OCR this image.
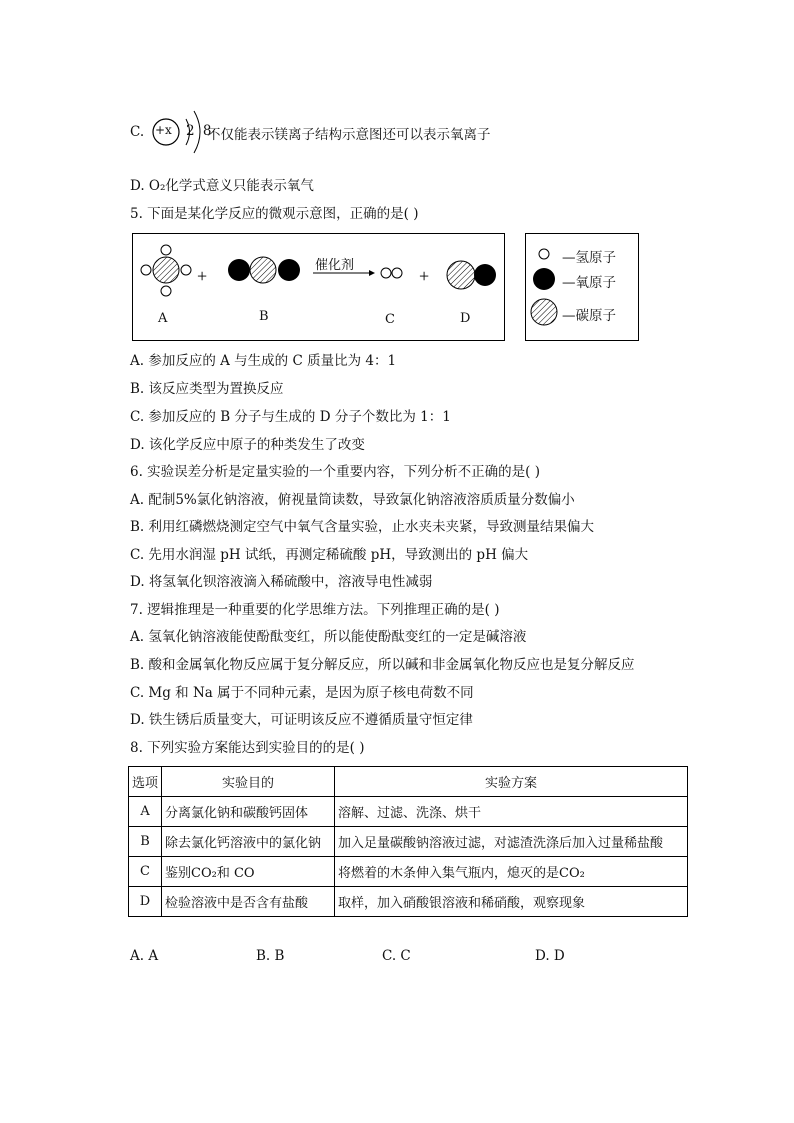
C. +x 2 8
不仅能表示镁离子结构示意图还可以表示氧离子
D. O₂化学式意义只能表示氧气
5. 下面是某化学反应的微观示意图，正确的是( )
+	+
催化剂
A	B	C	D
—氢原子
—氧原子
—碳原子
A. 参加反应的 A 与生成的 C 质量比为 4：1
B. 该反应类型为置换反应
C. 参加反应的 B 分子与生成的 D 分子个数比为 1：1
D. 该化学反应中原子的种类发生了改变
6. 实验误差分析是定量实验的一个重要内容，下列分析不正确的是( )
A. 配制5%氯化钠溶液，俯视量筒读数，导致氯化钠溶液溶质质量分数偏小
B. 利用红磷燃烧测定空气中氧气含量实验，止水夹未夹紧，导致测量结果偏大
C. 先用水润湿 pH 试纸，再测定稀硫酸 pH，导致测出的 pH 偏大
D. 将氢氧化钡溶液滴入稀硫酸中，溶液导电性减弱
7. 逻辑推理是一种重要的化学思维方法。下列推理正确的是( )
A. 氢氧化钠溶液能使酚酞变红，所以能使酚酞变红的一定是碱溶液
B. 酸和金属氧化物反应属于复分解反应，所以碱和非金属氧化物反应也是复分解反应
C. Mg 和 Na 属于不同种元素，是因为原子核电荷数不同
D. 铁生锈后质量变大，可证明该反应不遵循质量守恒定律
8. 下列实验方案能达到实验目的的是( )
选项	实验目的	实验方案
A	分离氯化钠和碳酸钙固体	溶解、过滤、洗涤、烘干
B	除去氯化钙溶液中的氯化钠	加入足量碳酸钠溶液过滤，对滤渣洗涤后加入过量稀盐酸
C	鉴别CO₂和 CO	将燃着的木条伸入集气瓶内，熄灭的是CO₂
D	检验溶液中是否含有盐酸	取样，加入硝酸银溶液和稀硝酸，观察现象
A. A	B. B	C. C	D. D
